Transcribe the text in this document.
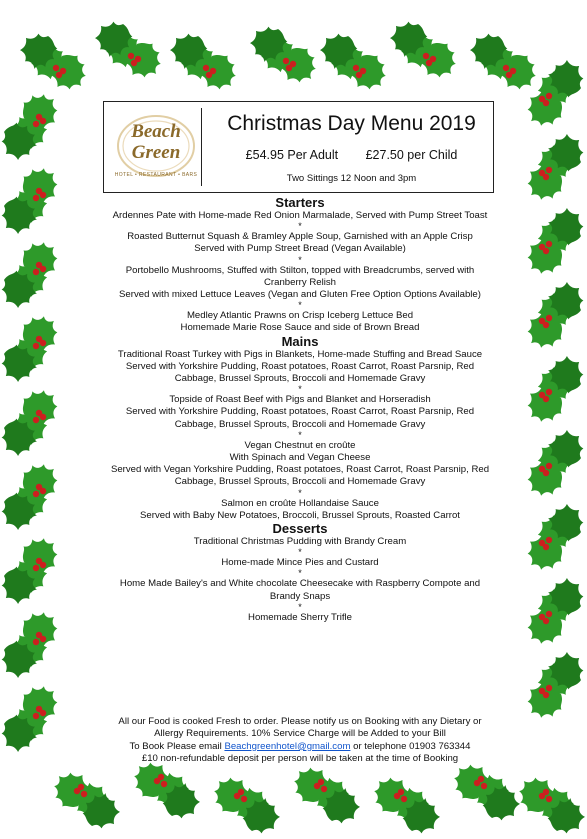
Beach
Green
HOTEL • RESTAURANT • BARS
Christmas Day Menu 2019
£54.95 Per Adult £27.50 per Child
Two Sittings 12 Noon and 3pm

Starters

Ardennes Pate with Home-made Red Onion Marmalade, Served with Pump Street Toast

*

Roasted Butternut Squash & Bramley Apple Soup, Garnished with an Apple Crisp

Served with Pump Street Bread (Vegan Available)

*

Portobello Mushrooms, Stuffed with Stilton, topped with Breadcrumbs, served with

Cranberry Relish

Served with mixed Lettuce Leaves (Vegan and Gluten Free Option Options Available)

*

Medley Atlantic Prawns on Crisp Iceberg Lettuce Bed

Homemade Marie Rose Sauce and side of Brown Bread

Mains

Traditional Roast Turkey with Pigs in Blankets, Home-made Stuffing and Bread Sauce

Served with Yorkshire Pudding, Roast potatoes, Roast Carrot, Roast Parsnip, Red

Cabbage, Brussel Sprouts, Broccoli and Homemade Gravy

*

Topside of Roast Beef with Pigs and Blanket and Horseradish

Served with Yorkshire Pudding, Roast potatoes, Roast Carrot, Roast Parsnip, Red

Cabbage, Brussel Sprouts, Broccoli and Homemade Gravy

*

Vegan Chestnut en croûte

With Spinach and Vegan Cheese

Served with Vegan Yorkshire Pudding, Roast potatoes, Roast Carrot, Roast Parsnip, Red

Cabbage, Brussel Sprouts, Broccoli and Homemade Gravy

*

Salmon en croûte Hollandaise Sauce

Served with Baby New Potatoes, Broccoli, Brussel Sprouts, Roasted Carrot

Desserts

Traditional Christmas Pudding with Brandy Cream

*

Home-made Mince Pies and Custard

*

Home Made Bailey's and White chocolate Cheesecake with Raspberry Compote and

Brandy Snaps

*

Homemade Sherry Trifle

All our Food is cooked Fresh to order. Please notify us on Booking with any Dietary or

Allergy Requirements. 10% Service Charge will be Added to your Bill

To Book Please email Beachgreenhotel@gmail.com or telephone 01903 763344

£10 non-refundable deposit per person will be taken at the time of Booking
